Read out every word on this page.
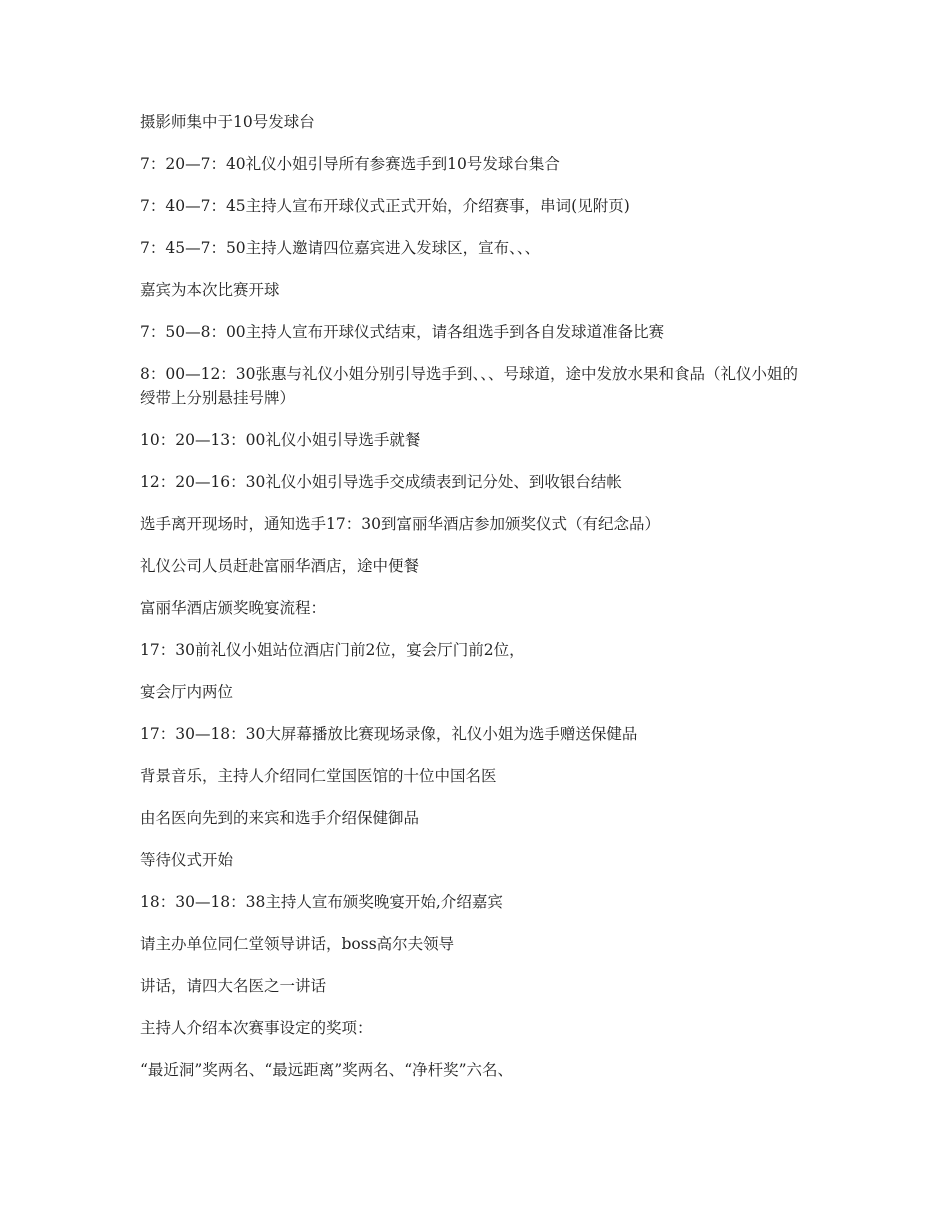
摄影师集中于10号发球台

7：20—7：40礼仪小姐引导所有参赛选手到10号发球台集合

7：40—7：45主持人宣布开球仪式正式开始，介绍赛事，串词(见附页)

7：45—7：50主持人邀请四位嘉宾进入发球区，宣布、、、

嘉宾为本次比赛开球

7：50—8：00主持人宣布开球仪式结束，请各组选手到各自发球道准备比赛

8：00—12：30张惠与礼仪小姐分别引导选手到、、、号球道，途中发放水果和食品（礼仪小姐的绶带上分别悬挂号牌）

10：20—13：00礼仪小姐引导选手就餐

12：20—16：30礼仪小姐引导选手交成绩表到记分处、到收银台结帐

选手离开现场时，通知选手17：30到富丽华酒店参加颁奖仪式（有纪念品）

礼仪公司人员赶赴富丽华酒店，途中便餐

富丽华酒店颁奖晚宴流程：

17：30前礼仪小姐站位酒店门前2位，宴会厅门前2位，

宴会厅内两位

17：30—18：30大屏幕播放比赛现场录像，礼仪小姐为选手赠送保健品

背景音乐，主持人介绍同仁堂国医馆的十位中国名医

由名医向先到的来宾和选手介绍保健御品

等待仪式开始

18：30—18：38主持人宣布颁奖晚宴开始,介绍嘉宾

请主办单位同仁堂领导讲话，boss高尔夫领导

讲话，请四大名医之一讲话

主持人介绍本次赛事设定的奖项：

“最近洞”奖两名、“最远距离”奖两名、“净杆奖”六名、
